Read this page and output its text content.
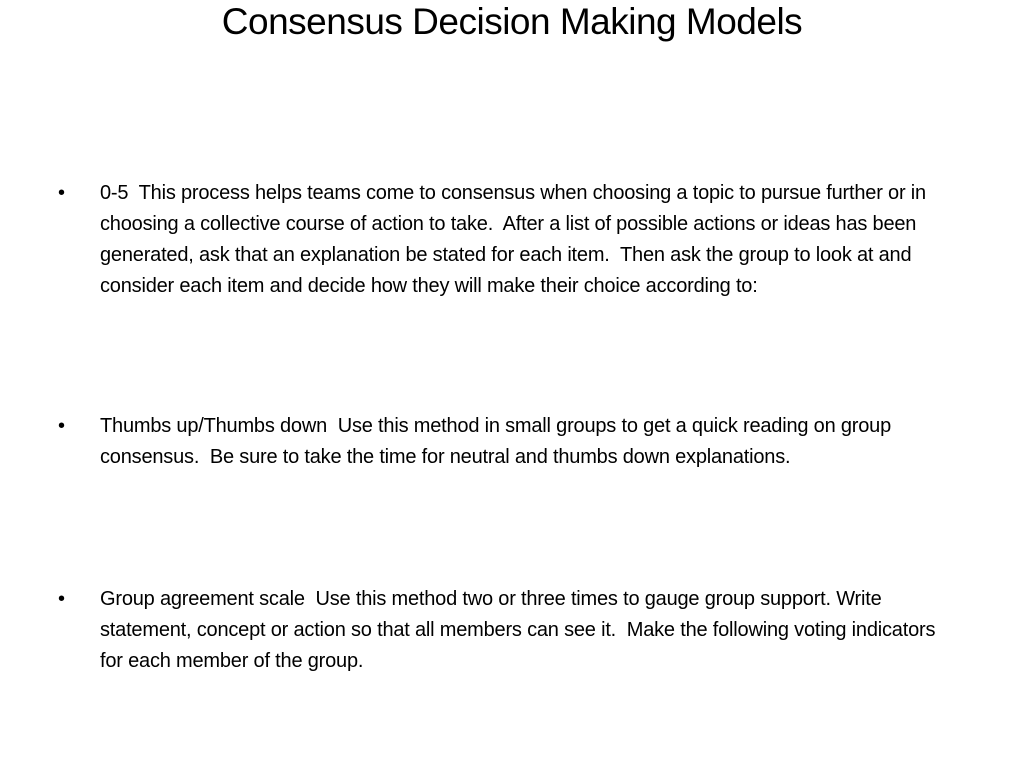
Consensus Decision Making Models
• 0-5  This process helps teams come to consensus when choosing a topic to pursue further or in choosing a collective course of action to take.  After a list of possible actions or ideas has been generated, ask that an explanation be stated for each item.  Then ask the group to look at and consider each item and decide how they will make their choice according to:
• Thumbs up/Thumbs down  Use this method in small groups to get a quick reading on group consensus.  Be sure to take the time for neutral and thumbs down explanations.
• Group agreement scale  Use this method two or three times to gauge group support. Write statement, concept or action so that all members can see it.  Make the following voting indicators for each member of the group.
